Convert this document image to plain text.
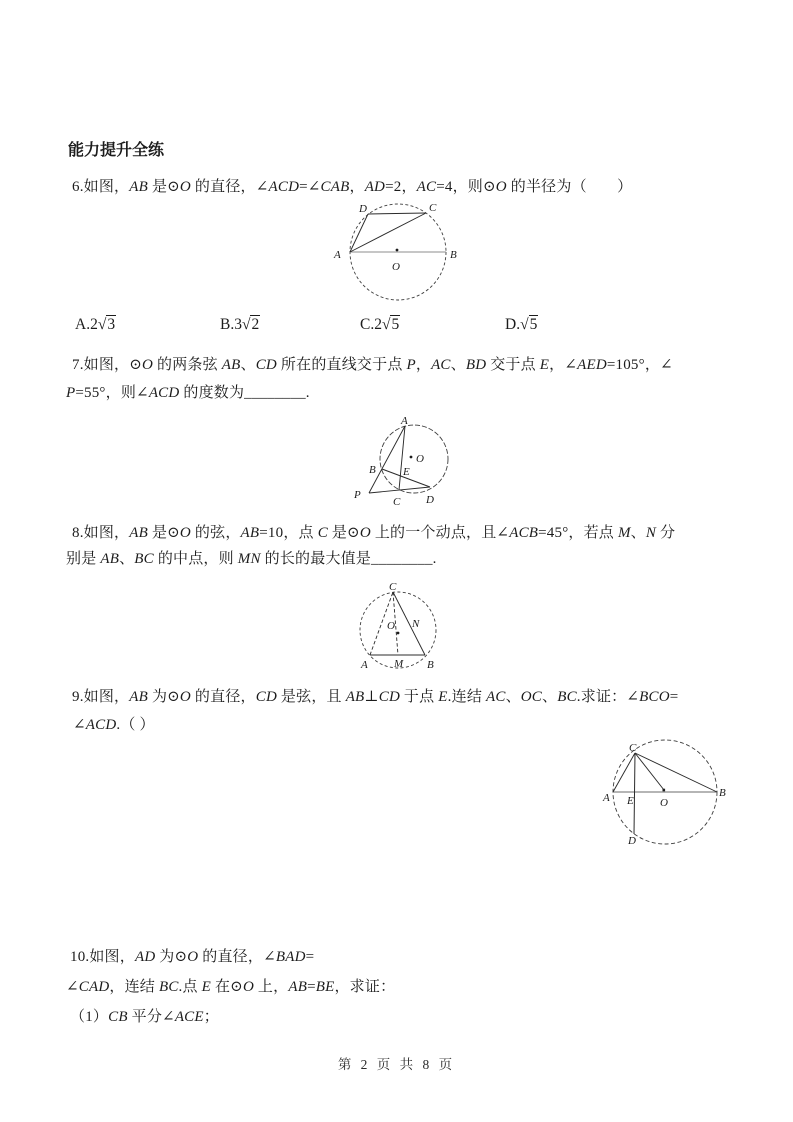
能力提升全练
6.如图，AB 是⊙O 的直径，∠ACD=∠CAB，AD=2，AC=4，则⊙O 的半径为（　　）
A	B
C
D
O
A.2√3	B.3√2	C.2√5	D.√5
7.如图，⊙O 的两条弦 AB、CD 所在的直线交于点 P，AC、BD 交于点 E，∠AED=105°，∠
P=55°，则∠ACD 的度数为________.
A
B
C D
E
O
P
8.如图，AB 是⊙O 的弦，AB=10，点 C 是⊙O 上的一个动点，且∠ACB=45°，若点 M、N 分
别是 AB、BC 的中点，则 MN 的长的最大值是________.
A	B
C
M
N
O
9.如图，AB 为⊙O 的直径，CD 是弦，且 AB⊥CD 于点 E.连结 AC、OC、BC.求证：∠BCO=
∠ACD.（ ）
A	B
C
D
E O
10.如图，AD 为⊙O 的直径，∠BAD=
∠CAD，连结 BC.点 E 在⊙O 上，AB=BE，求证：
（1）CB 平分∠ACE；
第 2 页 共 8 页
